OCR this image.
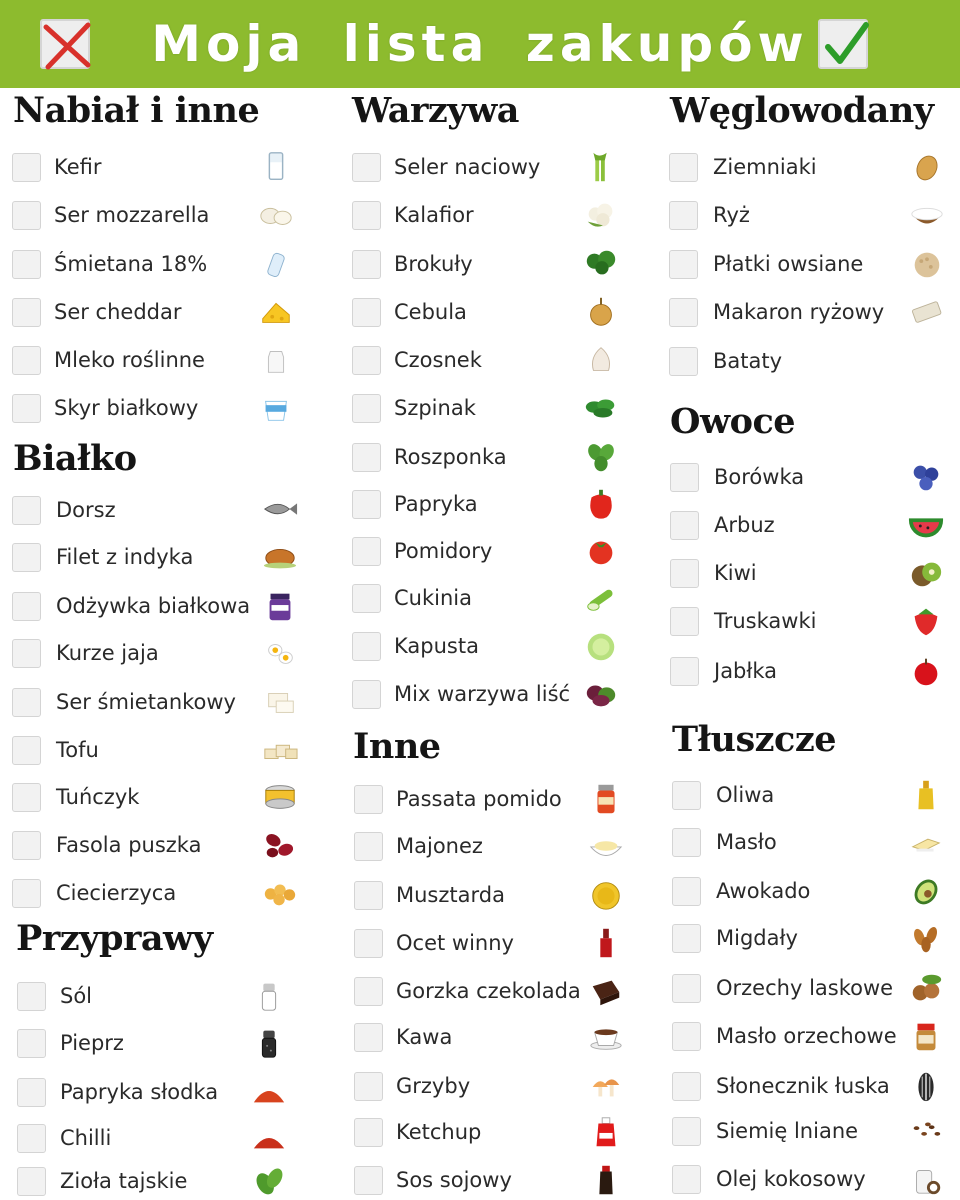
Moja lista zakupów
Nabiał i inne
Kefir
Ser mozzarella
Śmietana 18%
Ser cheddar
Mleko roślinne
Skyr białkowy
Białko
Dorsz
Filet z indyka
Odżywka białkowa
Kurze jaja
Ser śmietankowy
Tofu
Tuńczyk
Fasola puszka
Ciecierzyca
Przyprawy
Sól
Pieprz
Papryka słodka
Chilli
Zioła tajskie
Warzywa
Seler naciowy
Kalafior
Brokuły
Cebula
Czosnek
Szpinak
Roszponka
Papryka
Pomidory
Cukinia
Kapusta
Mix warzywa liść
Inne
Passata pomido
Majonez
Musztarda
Ocet winny
Gorzka czekolada
Kawa
Grzyby
Ketchup
Sos sojowy
Węglowodany
Ziemniaki
Ryż
Płatki owsiane
Makaron ryżowy
Bataty
Owoce
Borówka
Arbuz
Kiwi
Truskawki
Jabłka
Tłuszcze
Oliwa
Masło
Awokado
Migdały
Orzechy laskowe
Masło orzechowe
Słonecznik łuska
Siemię lniane
Olej kokosowy
